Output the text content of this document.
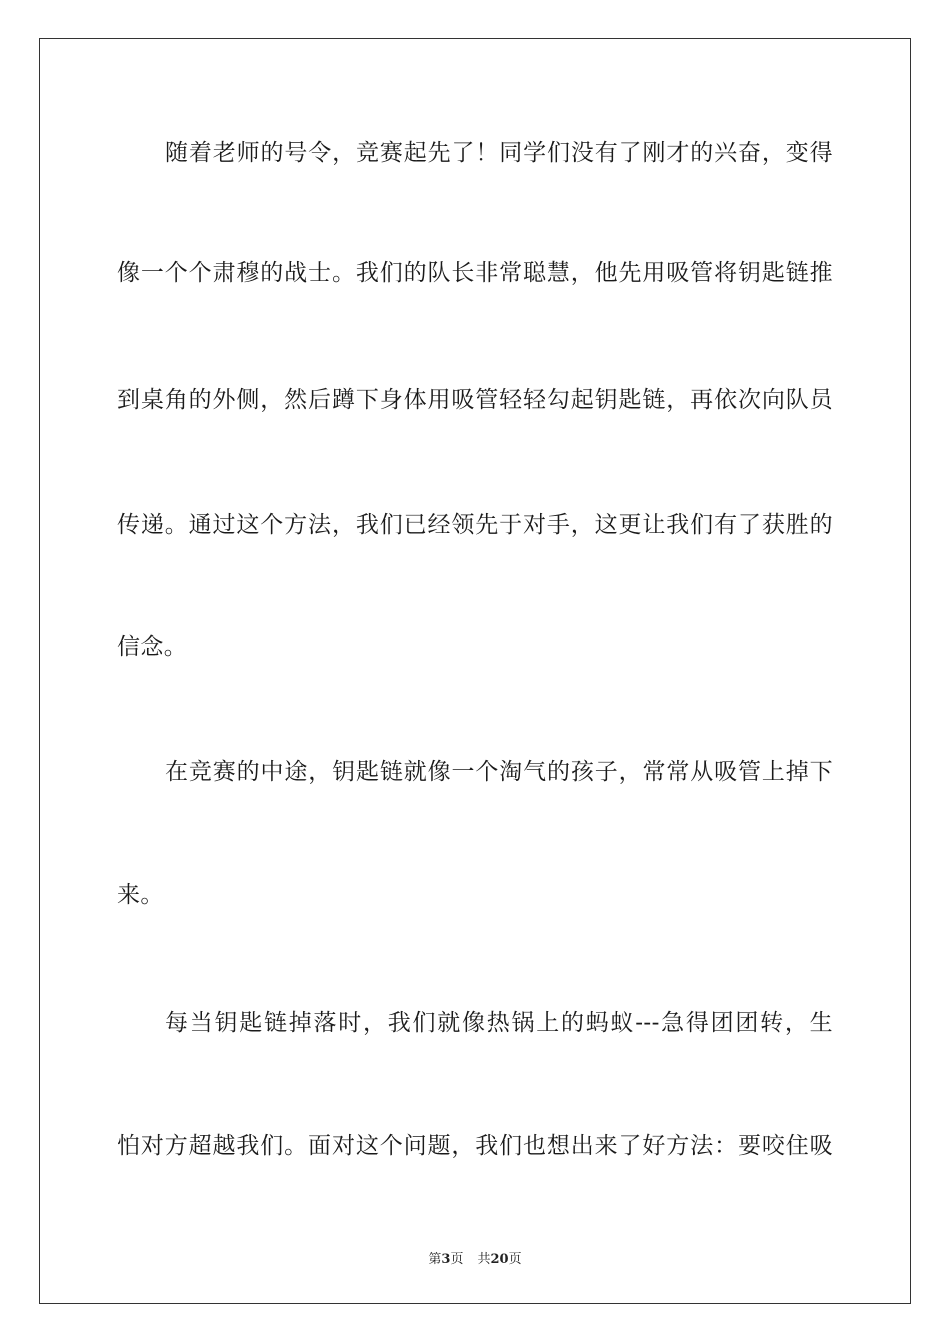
随着老师的号令，竞赛起先了！同学们没有了刚才的兴奋，变得
像一个个肃穆的战士。我们的队长非常聪慧，他先用吸管将钥匙链推
到桌角的外侧，然后蹲下身体用吸管轻轻勾起钥匙链，再依次向队员
传递。通过这个方法，我们已经领先于对手，这更让我们有了获胜的
信念。
在竞赛的中途，钥匙链就像一个淘气的孩子，常常从吸管上掉下
来。
每当钥匙链掉落时，我们就像热锅上的蚂蚁---急得团团转，生
怕对方超越我们。面对这个问题，我们也想出来了好方法：要咬住吸
第3页 共20页
